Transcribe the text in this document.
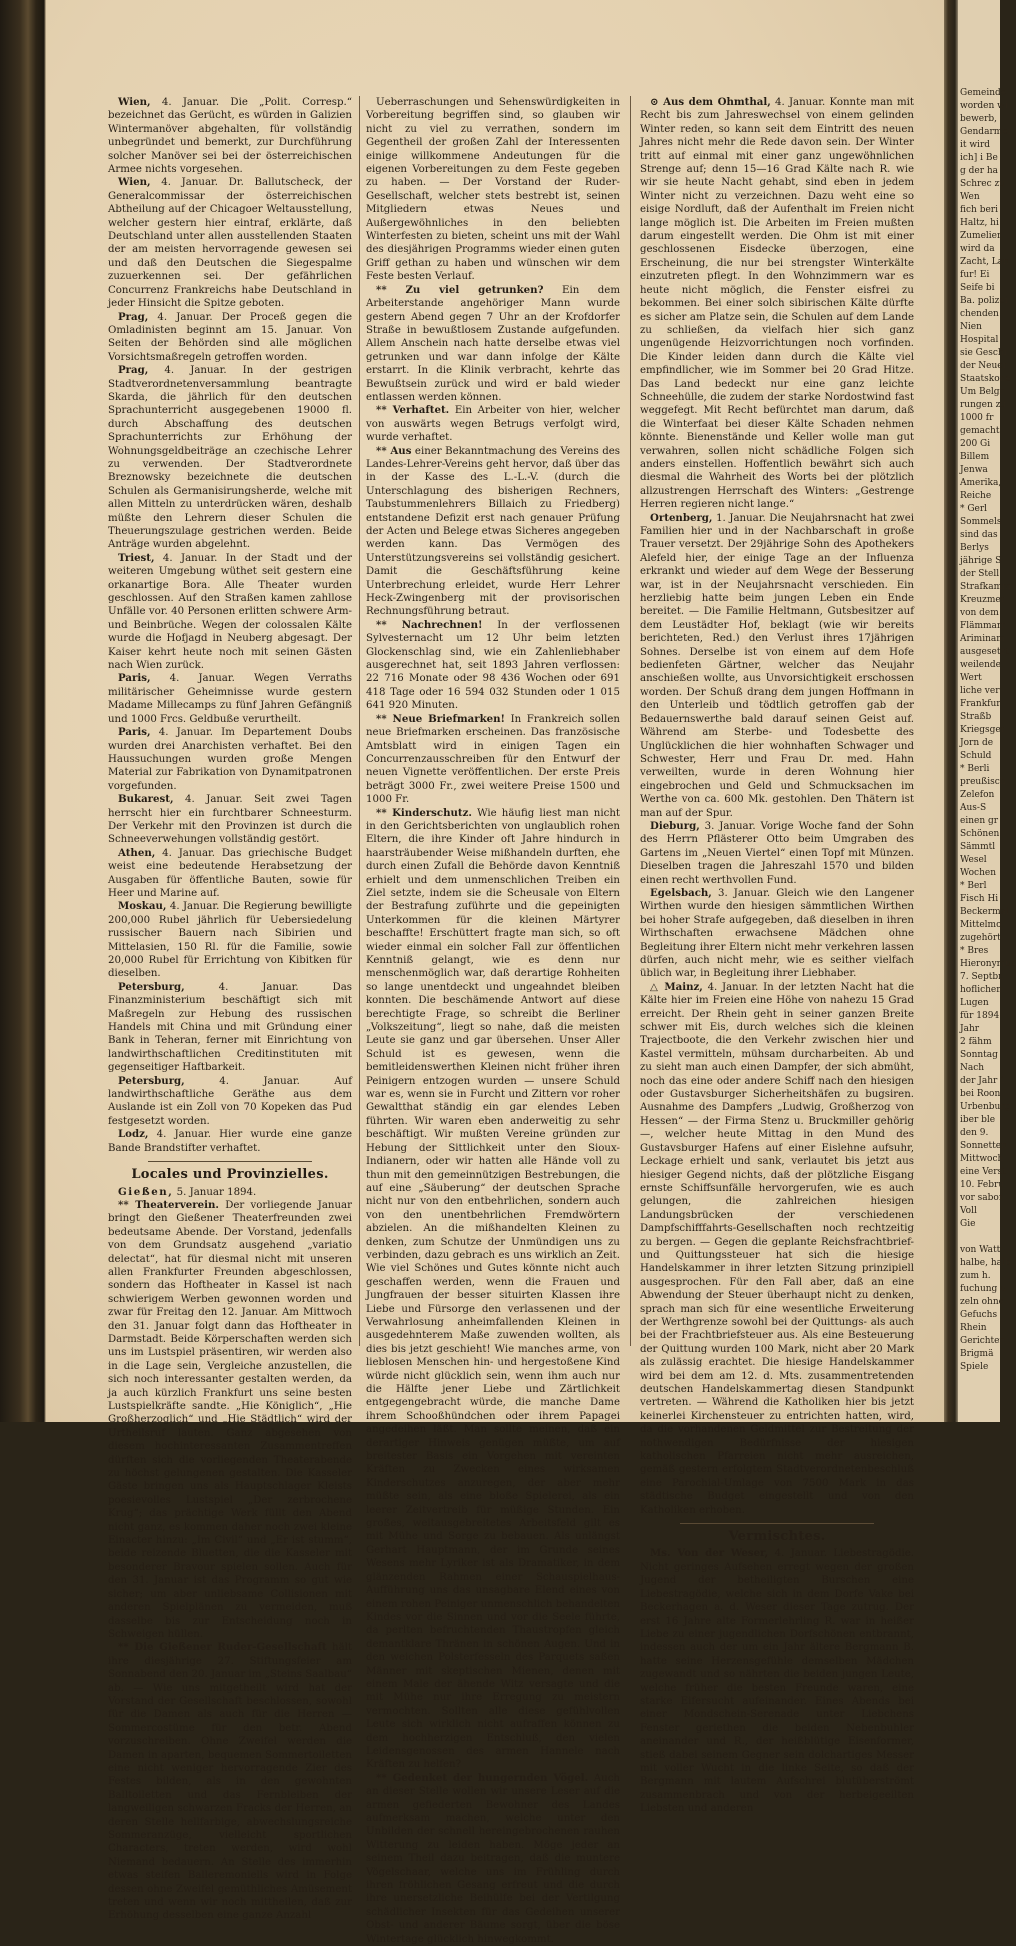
Wien, 4. Januar. Die „Polit. Corresp.“ bezeichnet das Gerücht, es würden in Galizien Wintermanöver abgehalten, für vollständig unbegründet und bemerkt, zur Durchführung solcher Manöver sei bei der österreichischen Armee nichts vorgesehen.
Wien, 4. Januar. Dr. Ballutscheck, der Generalcommissar der österreichischen Abtheilung auf der Chicagoer Weltausstellung, welcher gestern hier eintraf, erklärte, daß Deutschland unter allen ausstellenden Staaten der am meisten hervorragende gewesen sei und daß den Deutschen die Siegespalme zuzuerkennen sei. Der gefährlichen Concurrenz Frankreichs habe Deutschland in jeder Hinsicht die Spitze geboten.
Prag, 4. Januar. Der Proceß gegen die Omladinisten beginnt am 15. Januar. Von Seiten der Behörden sind alle möglichen Vorsichtsmaßregeln getroffen worden.
Prag, 4. Januar. In der gestrigen Stadtverordnetenversammlung beantragte Skarda, die jährlich für den deutschen Sprachunterricht ausgegebenen 19000 fl. durch Abschaffung des deutschen Sprachunterrichts zur Erhöhung der Wohnungsgeldbeiträge an czechische Lehrer zu verwenden. Der Stadtverordnete Breznowsky bezeichnete die deutschen Schulen als Germanisirungsherde, welche mit allen Mitteln zu unterdrücken wären, deshalb müßte den Lehrern dieser Schulen die Theuerungszulage gestrichen werden. Beide Anträge wurden abgelehnt.
Triest, 4. Januar. In der Stadt und der weiteren Umgebung wüthet seit gestern eine orkanartige Bora. Alle Theater wurden geschlossen. Auf den Straßen kamen zahllose Unfälle vor. 40 Personen erlitten schwere Arm- und Beinbrüche. Wegen der colossalen Kälte wurde die Hofjagd in Neuberg abgesagt. Der Kaiser kehrt heute noch mit seinen Gästen nach Wien zurück.
Paris, 4. Januar. Wegen Verraths militärischer Geheimnisse wurde gestern Madame Millecamps zu fünf Jahren Gefängniß und 1000 Frcs. Geldbuße verurtheilt.
Paris, 4. Januar. Im Departement Doubs wurden drei Anarchisten verhaftet. Bei den Haussuchungen wurden große Mengen Material zur Fabrikation von Dynamitpatronen vorgefunden.
Bukarest, 4. Januar. Seit zwei Tagen herrscht hier ein furchtbarer Schneesturm. Der Verkehr mit den Provinzen ist durch die Schneeverwehungen vollständig gestört.
Athen, 4. Januar. Das griechische Budget weist eine bedeutende Herabsetzung der Ausgaben für öffentliche Bauten, sowie für Heer und Marine auf.
Moskau, 4. Januar. Die Regierung bewilligte 200,000 Rubel jährlich für Uebersiedelung russischer Bauern nach Sibirien und Mittelasien, 150 Rl. für die Familie, sowie 20,000 Rubel für Errichtung von Kibitken für dieselben.
Petersburg, 4. Januar. Das Finanzministerium beschäftigt sich mit Maßregeln zur Hebung des russischen Handels mit China und mit Gründung einer Bank in Teheran, ferner mit Einrichtung von landwirthschaftlichen Creditinstituten mit gegenseitiger Haftbarkeit.
Petersburg, 4. Januar. Auf landwirthschaftliche Geräthe aus dem Auslande ist ein Zoll von 70 Kopeken das Pud festgesetzt worden.
Lodz, 4. Januar. Hier wurde eine ganze Bande Brandstifter verhaftet.
Locales und Provinzielles.
Gießen, 5. Januar 1894.
** Theaterverein. Der vorliegende Januar bringt den Gießener Theaterfreunden zwei bedeutsame Abende. Der Vorstand, jedenfalls von dem Grundsatz ausgehend „variatio delectat“, hat für diesmal nicht mit unseren allen Frankfurter Freunden abgeschlossen, sondern das Hoftheater in Kassel ist nach schwierigem Werben gewonnen worden und zwar für Freitag den 12. Januar. Am Mittwoch den 31. Januar folgt dann das Hoftheater in Darmstadt. Beide Körperschaften werden sich uns im Lustspiel präsentiren, wir werden also in die Lage sein, Vergleiche anzustellen, die sich noch interessanter gestalten werden, da ja auch kürzlich Frankfurt uns seine besten Lustspielkräfte sandte. „Hie Königlich“, „Hie Großherzoglich“ und „Hie Städtlich“ wird der Urtheilsruf lauten. Ganz abgesehen von diesem hochinteressanten Zusammentreffen dürften sich die vorliegenden Theaterabende zu höchst gelungenen gestalten. Die Kasseler Gäste bringen uns als Hauptschlager Kleists poesievolles Lustspiel „Der zerbrochene Krug“; das prächtige Werk füllt den Abend nicht ganz, es kommen daher noch zwei kleine Einacter hinzu: „Im Civil“ und „Er ist stumm“, beide reizende Bluetten, die die Kasseler mit besonderer Bravour spielen sollen. Auch für den 31. Januar ist das Programm so gut wie sicher; um aber unliebsame Collisionen mit anderen Spielplänen zu vermeiden, muß dasselbe bis zur Entscheidung noch in Schweigen hüllen.
** Die Gießener Ruder-Gesellschaft hält ihre diesjährige 27. Stiftungsfeier am Sonnabend den 20. Januar im „Steins Saalbau“ ab. — Wie uns mitgetheilt wird hat der Vorstand der Gesellschaft beschlossen, sowohl für die Damen als auch für die Herren — Sommercostüme für den betr. Abend vorzuschreiben. Ohne Zweifel werden die Damen in aparten, bequemen Sommertoiletten eine nicht weniger hervorragende Zier des Festes bilden, als in den gewohnten Balltoiletten und das Fernbleiben der langweiligen schwarzen Fracks der Herren, an deren Stelle hellfarbige, abwechslungsreiche Sommeranzüge, vielleicht sportlichen Characters, treten werden, wird wohl Niemand bedauern. An Stelle des immerhin etwas steifen Balleremoniells wird in Folge dessen ohne Zweifel gemüthliches Amüsement treten und wenn wir noch mittheilen, daß zur Erhöhung desselben eine ganze Anzahl
Ueberraschungen und Sehenswürdigkeiten in Vorbereitung begriffen sind, so glauben wir nicht zu viel zu verrathen, sondern im Gegentheil der großen Zahl der Interessenten einige willkommene Andeutungen für die eigenen Vorbereitungen zu dem Feste gegeben zu haben. — Der Vorstand der Ruder-Gesellschaft, welcher stets bestrebt ist, seinen Mitgliedern etwas Neues und Außergewöhnliches in den beliebten Winterfesten zu bieten, scheint uns mit der Wahl des diesjährigen Programms wieder einen guten Griff gethan zu haben und wünschen wir dem Feste besten Verlauf.
** Zu viel getrunken? Ein dem Arbeiterstande angehöriger Mann wurde gestern Abend gegen 7 Uhr an der Krofdorfer Straße in bewußtlosem Zustande aufgefunden. Allem Anschein nach hatte derselbe etwas viel getrunken und war dann infolge der Kälte erstarrt. In die Klinik verbracht, kehrte das Bewußtsein zurück und wird er bald wieder entlassen werden können.
** Verhaftet. Ein Arbeiter von hier, welcher von auswärts wegen Betrugs verfolgt wird, wurde verhaftet.
** Aus einer Bekanntmachung des Vereins des Landes-Lehrer-Vereins geht hervor, daß über das in der Kasse des L.-L.-V. (durch die Unterschlagung des bisherigen Rechners, Taubstummenlehrers Billaich zu Friedberg) entstandene Defizit erst nach genauer Prüfung der Acten und Belege etwas Sicheres angegeben werden kann. Das Vermögen des Unterstützungsvereins sei vollständig gesichert. Damit die Geschäftsführung keine Unterbrechung erleidet, wurde Herr Lehrer Heck-Zwingenberg mit der provisorischen Rechnungsführung betraut.
** Nachrechnen! In der verflossenen Sylvesternacht um 12 Uhr beim letzten Glockenschlag sind, wie ein Zahlenliebhaber ausgerechnet hat, seit 1893 Jahren verflossen: 22 716 Monate oder 98 436 Wochen oder 691 418 Tage oder 16 594 032 Stunden oder 1 015 641 920 Minuten.
** Neue Briefmarken! In Frankreich sollen neue Briefmarken erscheinen. Das französische Amtsblatt wird in einigen Tagen ein Concurrenzausschreiben für den Entwurf der neuen Vignette veröffentlichen. Der erste Preis beträgt 3000 Fr., zwei weitere Preise 1500 und 1000 Fr.
** Kinderschutz. Wie häufig liest man nicht in den Gerichtsberichten von unglaublich rohen Eltern, die ihre Kinder oft Jahre hindurch in haarsträubender Weise mißhandeln durften, ehe durch einen Zufall die Behörde davon Kenntniß erhielt und dem unmenschlichen Treiben ein Ziel setzte, indem sie die Scheusale von Eltern der Bestrafung zuführte und die gepeinigten Unterkommen für die kleinen Märtyrer beschaffte! Erschüttert fragte man sich, so oft wieder einmal ein solcher Fall zur öffentlichen Kenntniß gelangt, wie es denn nur menschenmöglich war, daß derartige Rohheiten so lange unentdeckt und ungeahndet bleiben konnten. Die beschämende Antwort auf diese berechtigte Frage, so schreibt die Berliner „Volkszeitung“, liegt so nahe, daß die meisten Leute sie ganz und gar übersehen. Unser Aller Schuld ist es gewesen, wenn die bemitleidenswerthen Kleinen nicht früher ihren Peinigern entzogen wurden — unsere Schuld war es, wenn sie in Furcht und Zittern vor roher Gewaltthat ständig ein gar elendes Leben führten. Wir waren eben anderweitig zu sehr beschäftigt. Wir mußten Vereine gründen zur Hebung der Sittlichkeit unter den Sioux-Indianern, oder wir hatten alle Hände voll zu thun mit den gemeinnützigen Bestrebungen, die auf eine „Säuberung“ der deutschen Sprache nicht nur von den entbehrlichen, sondern auch von den unentbehrlichen Fremdwörtern abzielen. An die mißhandelten Kleinen zu denken, zum Schutze der Unmündigen uns zu verbinden, dazu gebrach es uns wirklich an Zeit. Wie viel Schönes und Gutes könnte nicht auch geschaffen werden, wenn die Frauen und Jungfrauen der besser situirten Klassen ihre Liebe und Fürsorge den verlassenen und der Verwahrlosung anheimfallenden Kleinen in ausgedehnterem Maße zuwenden wollten, als dies bis jetzt geschieht! Wie manches arme, von lieblosen Menschen hin- und hergestoßene Kind würde nicht glücklich sein, wenn ihm auch nur die Hälfte jener Liebe und Zärtlichkeit entgegengebracht würde, die manche Dame ihrem Schooßhündchen oder ihrem Papagei angedeihen läßt. Man sollte meinen, daß ein derartiger Hinweis genügen müßte, um auf breitester Basis ein Vorgehen mit vereinten Kräften zu Zwecken eines wirksamen Kinderschutzes anzuregen, der aber mehr müßte sein, als eine bloße Spielerei, als ein leerer Zeitvertreib für müßige Stunden. Ein großes, weitausgebreitetes Arbeitsfeld gilt es mit Mühe und Sorge zu bebauen. Als unlängst Gerhart Hauptmann, der im Grunde seines Wesens mehr Lyriker ist als Dramatiker, in dem glänzenden Rahmen einer Schauspielhaus-Aufführung uns das unsagbare Elend eines von einem rohen Peiniger unmenschlich behandelten Kindes vor die Sinnen und vor die Seele führte, da perlten befruchtenden Thaustropfen gleich demantklare Thränen in schönen Augen. Und in den weichen Polsterfesseln des Parquets saßen Männer mit skeptischen Mienen, denen mit einem Male der ähende Witz versagte und die mit Mühe nur ihre Erregung zu meistern vermochten. Sollten alle diese gefühlvollen Leute sich wirklich nicht aufraffen können zu dem hochherzigen Entschluß, den vielen Leidensgenossen des armen Hannele nach Kräften zu helfen?
** Gedenket der hungernden Vögel. Auch an dieser Stelle wollen wir unsere Leser auf die armen gefiederten Bewohner des Landes aufmerksam machen, welche unter den Unbilden der schnell hereingebrochenen rauhen Witterung zu leiden haben. Möge jeder an seinem Theil dazu beitragen, daß die muntere Vögelschaar, welche uns im Frühling durch ihren fröhlichen Gesang erfreut und die durch ihre unersetzliche Beihülfe bei der Vertilgung schädlicher Insekten für das Gedeihen unserer Obst- und anderer Bäume sorgt, über die böse Wintertage glücklich hinwegkommt.
⊙ Aus dem Ohmthal, 4. Januar. Konnte man mit Recht bis zum Jahreswechsel von einem gelinden Winter reden, so kann seit dem Eintritt des neuen Jahres nicht mehr die Rede davon sein. Der Winter tritt auf einmal mit einer ganz ungewöhnlichen Strenge auf; denn 15—16 Grad Kälte nach R. wie wir sie heute Nacht gehabt, sind eben in jedem Winter nicht zu verzeichnen. Dazu weht eine so eisige Nordluft, daß der Aufenthalt im Freien nicht lange möglich ist. Die Arbeiten im Freien mußten darum eingestellt werden. Die Ohm ist mit einer geschlossenen Eisdecke überzogen, eine Erscheinung, die nur bei strengster Winterkälte einzutreten pflegt. In den Wohnzimmern war es heute nicht möglich, die Fenster eisfrei zu bekommen. Bei einer solch sibirischen Kälte dürfte es sicher am Platze sein, die Schulen auf dem Lande zu schließen, da vielfach hier sich ganz ungenügende Heizvorrichtungen noch vorfinden. Die Kinder leiden dann durch die Kälte viel empfindlicher, wie im Sommer bei 20 Grad Hitze. Das Land bedeckt nur eine ganz leichte Schneehülle, die zudem der starke Nordostwind fast weggefegt. Mit Recht befürchtet man darum, daß die Winterfaat bei dieser Kälte Schaden nehmen könnte. Bienenstände und Keller wolle man gut verwahren, sollen nicht schädliche Folgen sich anders einstellen. Hoffentlich bewährt sich auch diesmal die Wahrheit des Worts bei der plötzlich allzustrengen Herrschaft des Winters: „Gestrenge Herren regieren nicht lange.“
Ortenberg, 1. Januar. Die Neujahrsnacht hat zwei Familien hier und in der Nachbarschaft in große Trauer versetzt. Der 29jährige Sohn des Apothekers Alefeld hier, der einige Tage an der Influenza erkrankt und wieder auf dem Wege der Besserung war, ist in der Neujahrsnacht verschieden. Ein herzliebig hatte beim jungen Leben ein Ende bereitet. — Die Familie Heltmann, Gutsbesitzer auf dem Leustädter Hof, beklagt (wie wir bereits berichteten, Red.) den Verlust ihres 17jährigen Sohnes. Derselbe ist von einem auf dem Hofe bedienfeten Gärtner, welcher das Neujahr anschießen wollte, aus Unvorsichtigkeit erschossen worden. Der Schuß drang dem jungen Hoffmann in den Unterleib und tödtlich getroffen gab der Bedauernswerthe bald darauf seinen Geist auf. Während am Sterbe- und Todesbette des Unglücklichen die hier wohnhaften Schwager und Schwester, Herr und Frau Dr. med. Hahn verweilten, wurde in deren Wohnung hier eingebrochen und Geld und Schmucksachen im Werthe von ca. 600 Mk. gestohlen. Den Thätern ist man auf der Spur.
Dieburg, 3. Januar. Vorige Woche fand der Sohn des Herrn Pflästerer Otto beim Umgraben des Gartens im „Neuen Viertel“ einen Topf mit Münzen. Dieselben tragen die Jahreszahl 1570 und bilden einen recht werthvollen Fund.
Egelsbach, 3. Januar. Gleich wie den Langener Wirthen wurde den hiesigen sämmtlichen Wirthen bei hoher Strafe aufgegeben, daß dieselben in ihren Wirthschaften erwachsene Mädchen ohne Begleitung ihrer Eltern nicht mehr verkehren lassen dürfen, auch nicht mehr, wie es seither vielfach üblich war, in Begleitung ihrer Liebhaber.
△ Mainz, 4. Januar. In der letzten Nacht hat die Kälte hier im Freien eine Höhe von nahezu 15 Grad erreicht. Der Rhein geht in seiner ganzen Breite schwer mit Eis, durch welches sich die kleinen Trajectboote, die den Verkehr zwischen hier und Kastel vermitteln, mühsam durcharbeiten. Ab und zu sieht man auch einen Dampfer, der sich abmüht, noch das eine oder andere Schiff nach den hiesigen oder Gustavsburger Sicherheitshäfen zu bugsiren. Ausnahme des Dampfers „Ludwig, Großherzog von Hessen“ — der Firma Stenz u. Bruckmiller gehörig —, welcher heute Mittag in den Mund des Gustavsburger Hafens auf einer Eislehne aufsuhr, Leckage erhielt und sank, verlautet bis jetzt aus hiesiger Gegend nichts, daß der plötzliche Eisgang ernste Schiffsunfälle hervorgerufen, wie es auch gelungen, die zahlreichen hiesigen Landungsbrücken der verschiedenen Dampfschifffahrts-Gesellschaften noch rechtzeitig zu bergen. — Gegen die geplante Reichsfrachtbrief- und Quittungssteuer hat sich die hiesige Handelskammer in ihrer letzten Sitzung prinzipiell ausgesprochen. Für den Fall aber, daß an eine Abwendung der Steuer überhaupt nicht zu denken, sprach man sich für eine wesentliche Erweiterung der Werthgrenze sowohl bei der Quittungs- als auch bei der Frachtbriefsteuer aus. Als eine Besteuerung der Quittung wurden 100 Mark, nicht aber 20 Mark als zulässig erachtet. Die hiesige Handelskammer wird bei dem am 12. d. Mts. zusammentretenden deutschen Handelskammertag diesen Standpunkt vertreten. — Während die Katholiken hier bis jetzt keinerlei Kirchensteuer zu entrichten hatten, wird, da die vorhandenen Geldmittel zur Bestreitung der nothwendigen Bedürfnisse der hiesigen katholischen Pfarreien nicht mehr ausreichen, gemäß gestern erfolgtem Stadtverordnetenbeschluß eine Parochial-Umlage von 7500 Mark in das städtische Budget eingestellt und von den Katholiken erhoben.
Vermischtes.
Ms. Von der Weser, 4. Januar. Liebestragödie. Nicht geringes Aufsehen erregt wegen der großen Jugend der betheiligten Burschen eine Liebestragödie, welche sich in dem Dorfe Vake bei Beckerhagen a. d. Weser dieser Tage zutrug. Der erst 16 Jahre alte Formerlehrling R. war in heißer Liebe zu einer jugendlichen Dorfschönen entbrannt, indessen auch der um ein Jahr ältere Bergmann B. hatte seine Herzensgefühle demselben Mädchen zugewandt und so nährten die beiden jungen Leute, welche früher die besten Freunde waren, eine starke Eifersucht aufeinander. Eines Abends bei einer Mondschein-Serenade unter Liebchens Fenster geriethen die beiden Nebenbuhler aneinander und R., der heißblütige Eisenformer, stieß dabei seinem Gegner sein dolchartiges Messer mit voller Wucht in die linke Seite, so daß der Bergmann mit lautem Aufschrei blutüberströmt zusammenbrach und von der herbeigeeilten Liebsten und anderen
Gemeinde
worden wi
bewerb,
Gendarmer
it wird
ich] i Be
g der ha
Schrec zu
Wen
fich beri
Haltz, hi
Zumelier
wird da
Zacht, Lan
fur! Ei
Seife bi
Ba. polizei
chenden
Nien
Hospital
sie Geschi
der Neuer
Staatskone
Um Belgr
rungen zu
1000 fr
gemacht
200 Gi
Billem
Jenwa
Amerika,
Reiche
* Gerl
Sommels
sind das
Berlys
jährige S
der Stell
Strafkamm
Kreuzmer
von dem
Flämmarr
Ariminam
ausgesetzt
weilende
Wert
liche ver
Frankfur
Straßb
Kriegsger
Jorn de
Schuld
* Berli
preußisch
Zelefon
Aus-S
einen gr
Schönen
Sämmtl
Wesel
Wochen
* Berl
Fisch Hi
Beckermal
Mittelmo
zugehört
* Bres
Hieronymus
7. Septbr.
hoflichen
Lugen
für 1894
Jahr
2 fähm
Sonntag
Nach
der Jahr 1
bei Roon
Urbenburg
iber ble
den 9.
Sonnetten
Mittwoch
eine Verst
10. Febru
vor sabor
Voll
Gie
von Watt
halbe, halb
zum h.
fuchung u
zeln ohne
Gefuchs
Rhein
Gerichter
Brigmä
Spiele
